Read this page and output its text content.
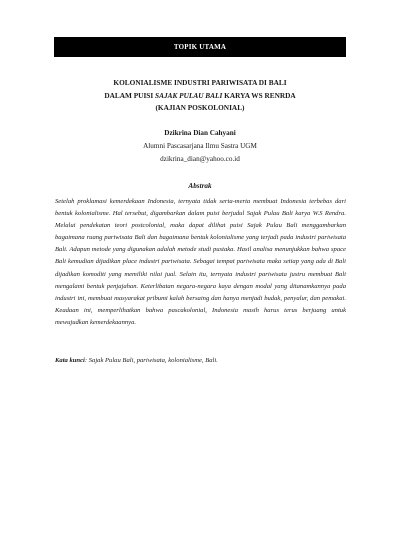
TOPIK UTAMA
KOLONIALISME INDUSTRI PARIWISATA DI BALI
DALAM PUISI SAJAK PULAU BALI KARYA WS RENRDA
(KAJIAN POSKOLONIAL)
Dzikrina Dian Cahyani
Alumni Pascasarjana Ilmu Sastra UGM
dzikrina_dian@yahoo.co.id
Abstrak

Setelah proklamasi kemerdekaan Indonesia, ternyata tidak serta-merta membuat Indonesia terbebas dari bentuk kolonialisme. Hal tersebut, digambarkan dalam puisi berjudul Sajak Pulau Bali karya W.S Rendra. Melalui pendekatan teori postcolonial, maka dapat dilihat puisi Sajak Pulau Bali menggambarkan bagaimana ruang pariwisata Bali dan bagaimana bentuk kolonialisme yang terjadi pada industri pariwisata Bali. Adapun metode yang digunakan adalah metode studi pustaka. Hasil analisa menunjukkan bahwa space Bali kemudian dijadikan place industri pariwisata. Sebagai tempat pariwisata maka setiap yang ada di Bali dijadikan komoditi yang memiliki nilai jual. Selain itu, ternyata industri pariwisata justru membuat Bali mengalami bentuk penjajahan. Keterlibatan negara-negara kaya dengan modal yang ditanamkannya pada industri ini, membuat masyarakat pribumi kalah bersaing dan hanya menjadi budak, penyalur, dan pemakai. Keadaan ini, memperlihatkan bahwa pascakolonial, Indonesia masih harus terus berjuang untuk mewujudkan kemerdekaannya.

Kata kunci: Sajak Pulau Bali, pariwisata, kolonialisme, Bali.
